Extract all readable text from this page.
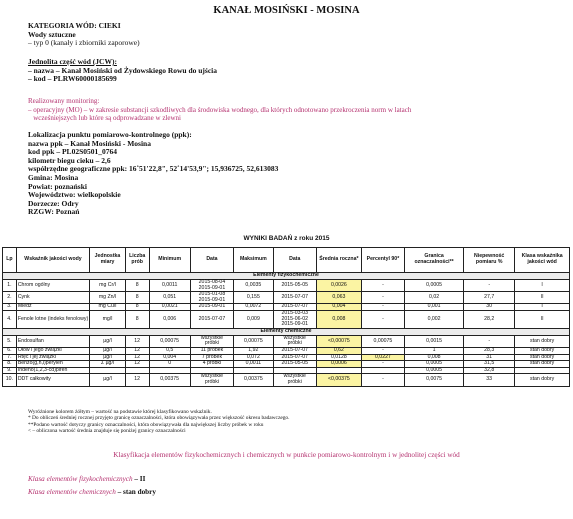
KANAŁ MOSIŃSKI - MOSINA
KATEGORIA WÓD: CIEKI
Wody sztuczne
– typ 0 (kanały i zbiorniki zaporowe)
Jednolita część wód (JCW):
– nazwa – Kanał Mosiński od Żydowskiego Rowu do ujścia
– kod – PLRW60000185699
Realizowany monitoring:
– operacyjny (MO) – w zakresie substancji szkodliwych dla środowiska wodnego, dla których odnotowano przekroczenia norm w latach
wcześniejszych lub które są odprowadzane w zlewni
Lokalizacja punktu pomiarowo-kontrolnego (ppk):
nazwa ppk – Kanał Mosiński - Mosina
kod ppk – PL02S0501_0764
kilometr biegu cieku – 2,6
współrzędne geograficzne ppk: 16˚51'22,8", 52˚14'53,9"; 15,936725, 52,613083
Gmina: Mosina
Powiat: poznański
Województwo: wielkopolskie
Dorzecze: Odry
RZGW: Poznań
WYNIKI BADAŃ z roku 2015
Lp	Wskaźnik jakości wody	Jednostka miary	Liczba prób	Minimum	Data	Maksimum	Data	Średnia roczna*	Percentyl 90*	Granica oznaczalności**	Niepewność pomiaru %	Klasa wskaźnika jakości wód
Elementy fizykochemiczne												
1.	Chrom ogólny	mg Cr/l	8	0,0011	2015-08-04
2015-09-01	0,0035	2015-05-05	0,0026	-	0,0005	-	I
2.	Cynk	mg Zn/l	8	0,051	2015-01-08
2015-09-01	0,155	2015-07-07	0,063	-	0,02	27,7	II
3.	Miedź	mg Cu/l	8	0,0021	2015-09-01	0,0072	2015-07-07	0,004	-	0,001	30	I
4.	Fenole lotne (indeks fenolowy)	mg/l	8	0,006	2015-07-07	0,009	2015-03-03
2015-06-02
2015-09-01	0,008	-	0,002	28,2	II
Elementy chemiczne												
5.	Endosulfan	µg/l	12	0,00075	wszystkie
próbki	0,00075	wszystkie
próbki	<0,00075	0,00075	0,0015	-	stan dobry
6.	Ołów i jego związki	µg/l	12	0,5	11 próbek	1,92	2015-07-07	0,62	-	1	28,3	stan dobry
7.	Rtęć i jej związki	µg/l	12	0,004	7 próbek	0,072	2015-07-07	0,0128	0,0227	0,008	31	stan dobry
8.	Benzo(g,h,i)perylen	Σ µg/l	12	0	4 próbki	0,0011	2015-05-05	0,0006	-	0,0005	31,5	stan dobry
9.	Indeno(1,2,3-cd)piren									0,0005	32,8	
10.	DDT całkowity	µg/l	12	0,00375	wszystkie
próbki	0,00375	wszystkie
próbki	<0,00375	-	0,0075	33	stan dobry
Wyróżnione kolorem żółtym – wartość na podstawie której klasyfikowano wskaźnik.
* Do obliczeń średniej rocznej przyjęto granicę oznaczalności, która obowiązywała przez większość okresu badawczego.
**Podano wartość dotyczy granicy oznaczalności, która obowiązywała dla największej liczby próbek w roku
< – obliczona wartość średnia znajduje się poniżej granicy oznaczalności
Klasyfikacja elementów fizykochemicznych i chemicznych w punkcie pomiarowo-kontrolnym i w jednolitej części wód
Klasa elementów fizykochemicznych – II
Klasa elementów chemicznych – stan dobry
